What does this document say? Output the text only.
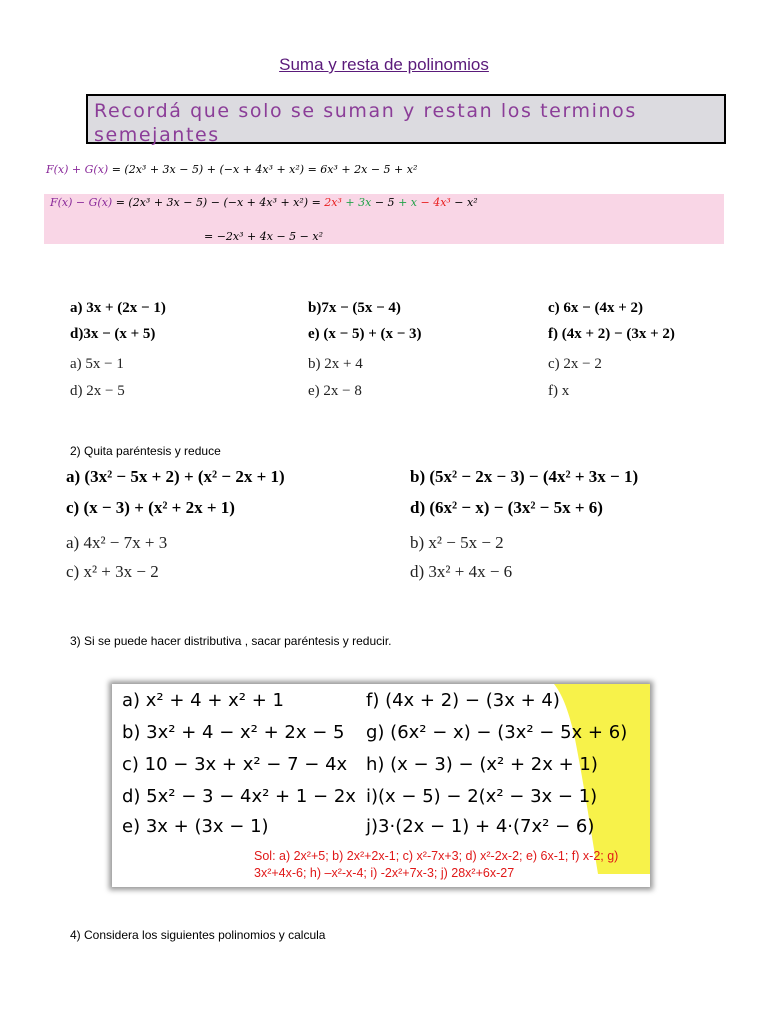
Suma y resta de polinomios
Recordá que solo se suman y restan los terminos semejantes
F(x) + G(x) = (2x³ + 3x − 5) + (−x + 4x³ + x²) = 6x³ + 2x − 5 + x²
F(x) − G(x) = (2x³ + 3x − 5) − (−x + 4x³ + x²) = 2x³ + 3x − 5 + x − 4x³ − x²
= −2x³ + 4x − 5 − x²
a) 3x + (2x − 1)	b)7x − (5x − 4)	c) 6x − (4x + 2)
d)3x − (x + 5)	e) (x − 5) + (x − 3)	f) (4x + 2) − (3x + 2)
a) 5x − 1	b) 2x + 4	c) 2x − 2
d) 2x − 5	e) 2x − 8	f) x
2) Quita paréntesis y reduce
a) (3x² − 5x + 2) + (x² − 2x + 1)	b) (5x² − 2x − 3) − (4x² + 3x − 1)
c) (x − 3) + (x² + 2x + 1)	d) (6x² − x) − (3x² − 5x + 6)
a) 4x² − 7x + 3	b) x² − 5x − 2
c) x² + 3x − 2	d) 3x² + 4x − 6
3) Si se puede hacer distributiva , sacar paréntesis y reducir.
a) x² + 4 + x² + 1
b) 3x² + 4 − x² + 2x − 5
c) 10 − 3x + x² − 7 − 4x
d) 5x² − 3 − 4x² + 1 − 2x
e) 3x + (3x − 1)
f) (4x + 2) − (3x + 4)
g) (6x² − x) − (3x² − 5x + 6)
h) (x − 3) − (x² + 2x + 1)
i)(x − 5) − 2(x² − 3x − 1)
j)3·(2x − 1) + 4·(7x² − 6)
Sol: a) 2x²+5; b) 2x²+2x-1; c) x²-7x+3; d) x²-2x-2; e) 6x-1; f) x-2; g) 3x²+4x-6; h) –x²-x-4; i) -2x²+7x-3; j) 28x²+6x-27
4) Considera los siguientes polinomios y calcula
